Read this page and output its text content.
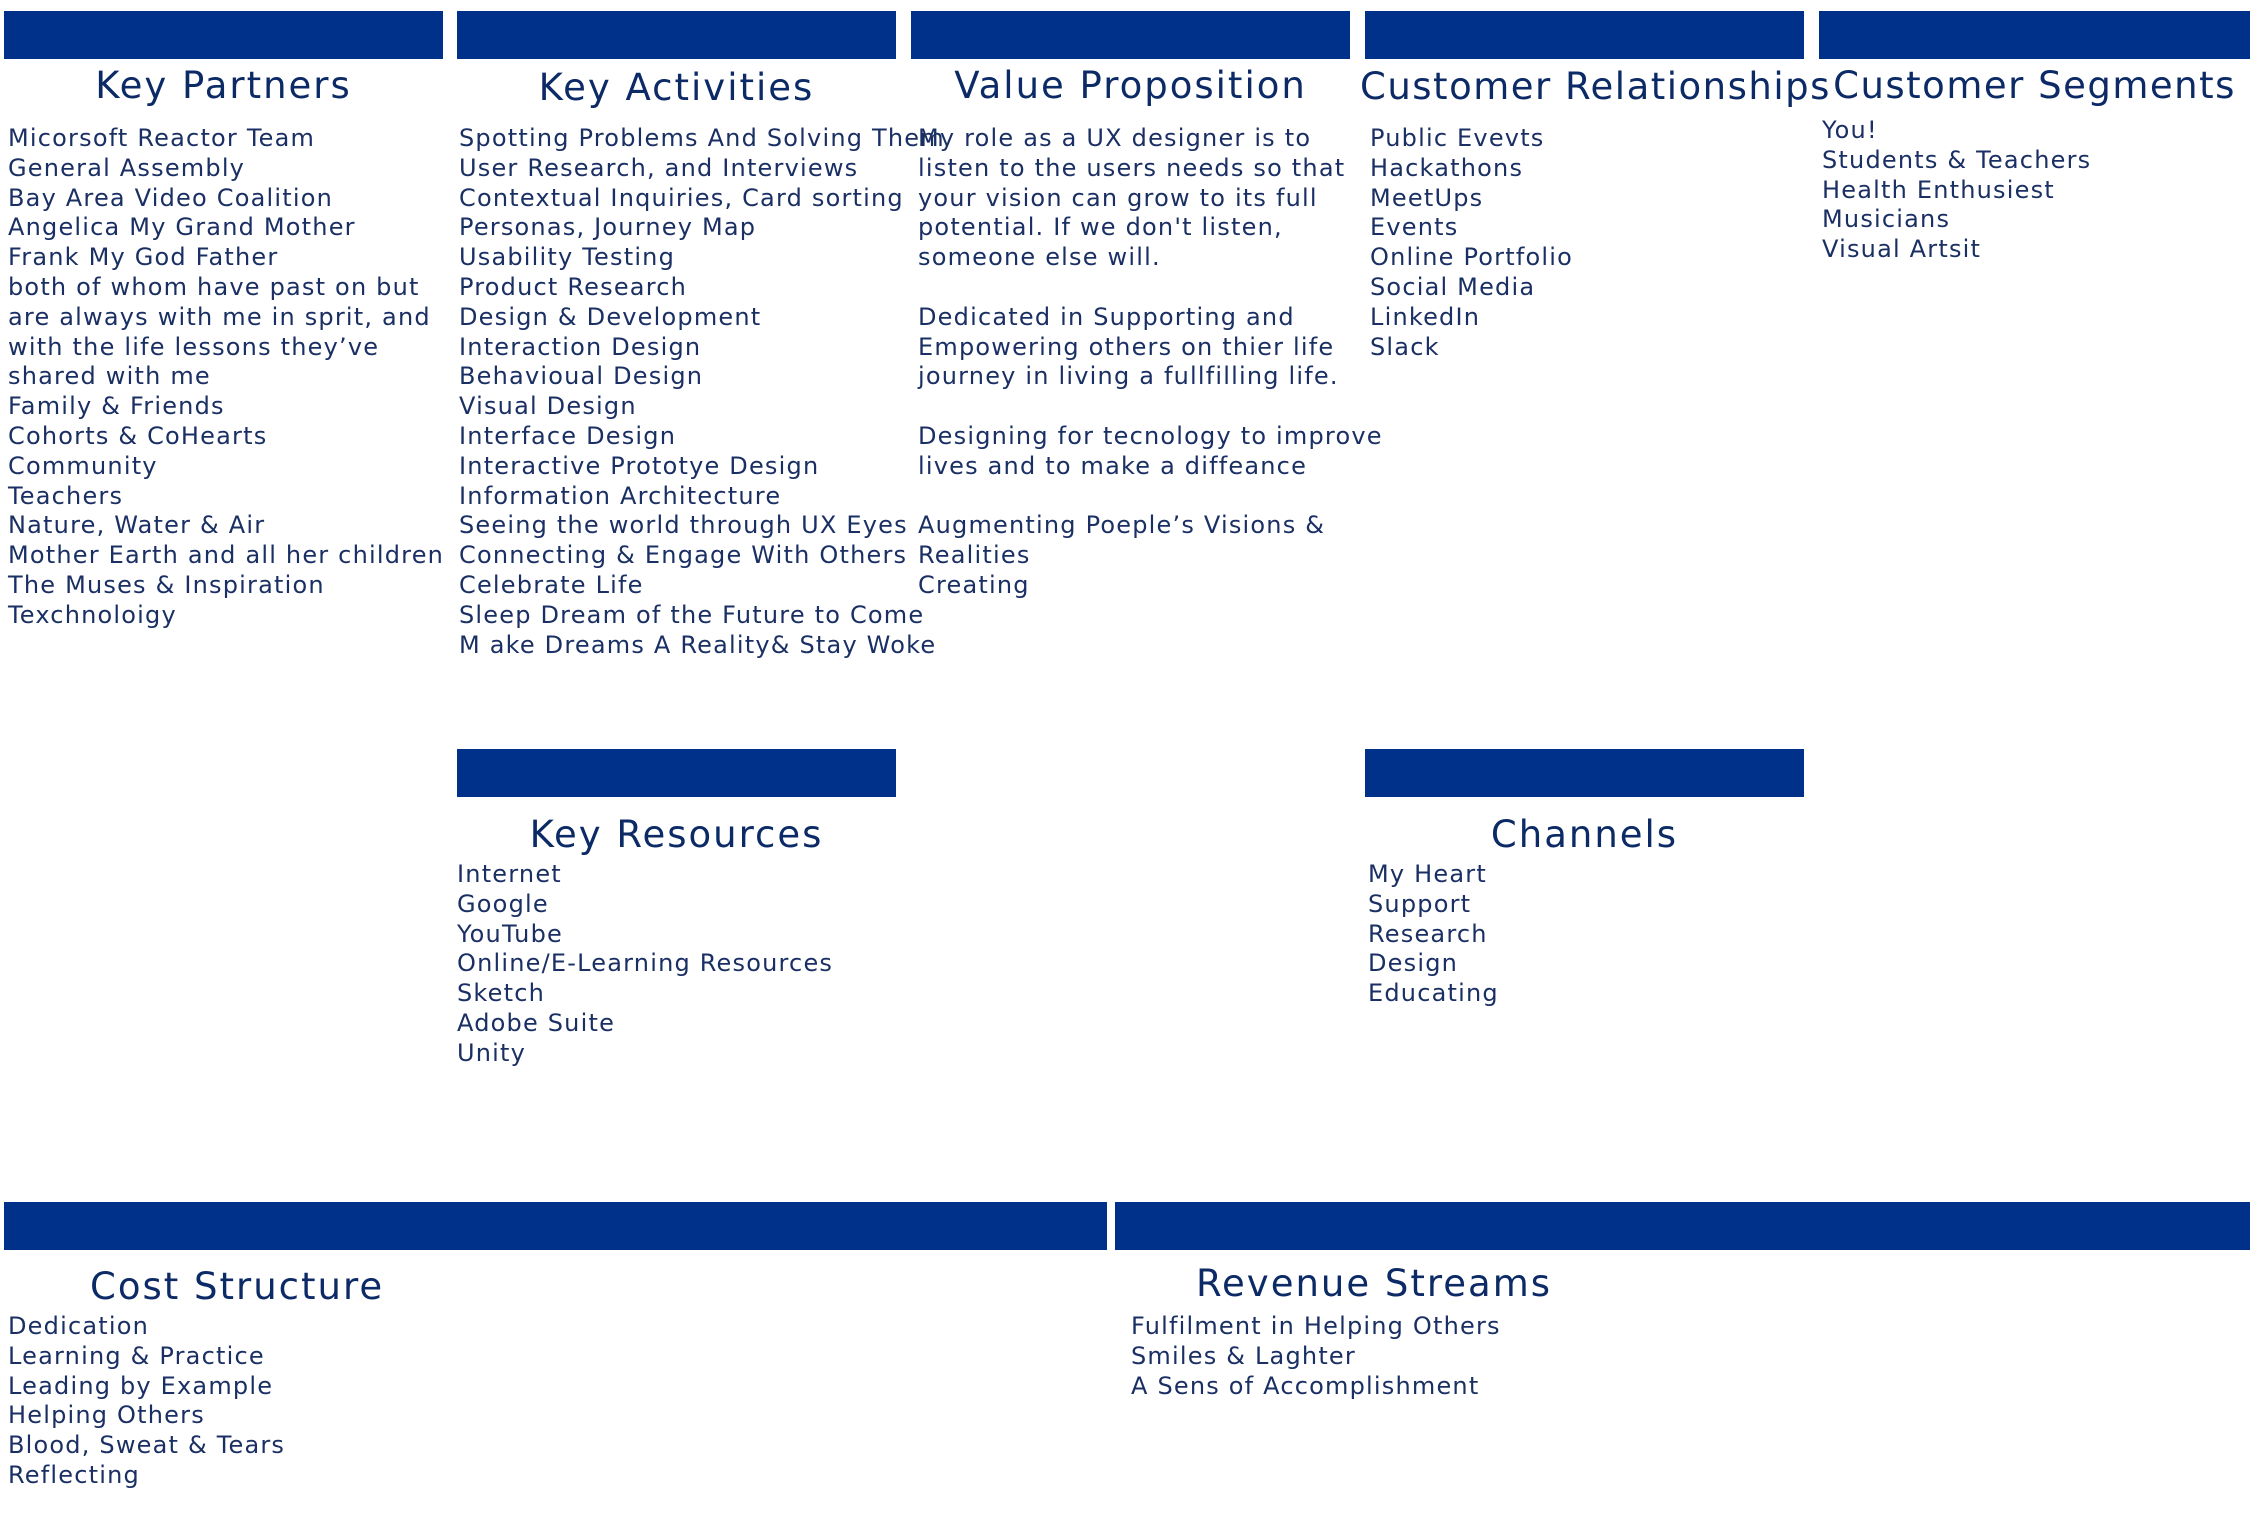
Key Partners
Micorsoft Reactor Team
General Assembly
Bay Area Video Coalition
Angelica My Grand Mother
Frank My God Father
both of whom have past on but are always with me in sprit, and with the life lessons they’ve shared with me
Family & Friends
Cohorts & CoHearts
Community
Teachers
Nature, Water & Air
Mother Earth and all her children
The Muses & Inspiration
Texchnoloigy
Key Activities
Spotting Problems And Solving Them
User Research, and Interviews
Contextual Inquiries, Card sorting
Personas, Journey Map
Usability Testing
Product Research
Design & Development
Interaction Design
Behavioual Design
Visual Design
Interface Design
Interactive Prototye Design
Information Architecture
Seeing the world through UX Eyes
Connecting & Engage With Others
Celebrate Life
Sleep Dream of the Future to Come
M ake Dreams A Reality& Stay Woke
Value Proposition
My role as a UX designer is to
listen to the users needs so that
your vision can grow to its full
potential. If we don't listen,
someone else will.
Dedicated in Supporting and
Empowering others on thier life
journey in living a fullfilling life.
Designing for tecnology to improve
lives and to make a diffeance
Augmenting Poeple’s Visions &
Realities
Creating
Customer Relationships
Public Evevts
Hackathons
MeetUps
Events
Online Portfolio
Social Media
LinkedIn
Slack
Customer Segments
You!
Students & Teachers
Health Enthusiest
Musicians
Visual Artsit
Key Resources
Internet
Google
YouTube
Online/E-Learning Resources
Sketch
Adobe Suite
Unity
Channels
My Heart
Support
Research
Design
Educating
Cost Structure
Dedication
Learning & Practice
Leading by Example
Helping Others
Blood, Sweat & Tears
Reflecting
Revenue Streams
Fulfilment in Helping Others
Smiles & Laghter
A Sens of Accomplishment
